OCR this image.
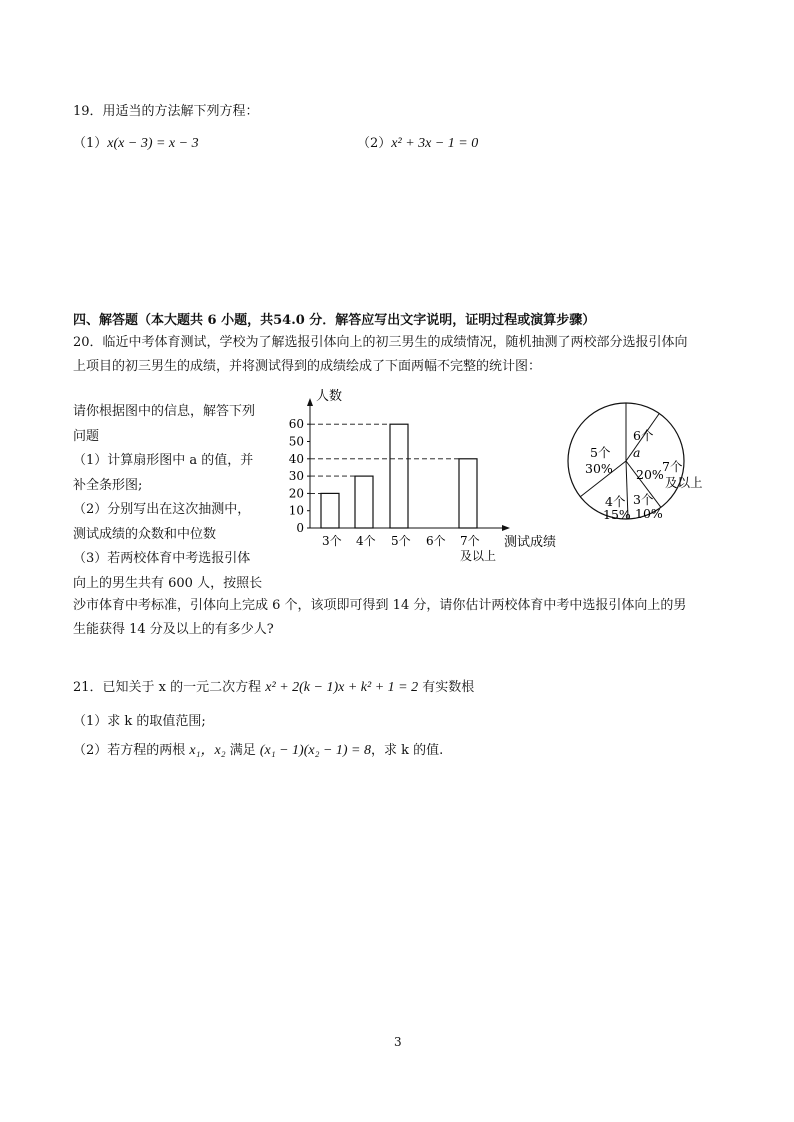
19．用适当的方法解下列方程：
（1）x(x − 3) = x − 3	（2）x² + 3x − 1 = 0
四、解答题（本大题共 6 小题，共54.0 分．解答应写出文字说明，证明过程或演算步骤）
20．临近中考体育测试，学校为了解选报引体向上的初三男生的成绩情况，随机抽测了两校部分选报引体向
上项目的初三男生的成绩，并将测试得到的成绩绘成了下面两幅不完整的统计图：
请你根据图中的信息，解答下列
问题
（1）计算扇形图中 a 的值，并
补全条形图;
（2）分别写出在这次抽测中，
测试成绩的众数和中位数
（3）若两校体育中考选报引体
向上的男生共有 600 人，按照长
0
10
20
30
40
50
60
人数
3个 4个 5个 6个 7个
及以上
测试成绩
6个
a
20%
7个
及以上
3个
10%
4个
15%
5个
30%
沙市体育中考标准，引体向上完成 6 个，该项即可得到 14 分，请你估计两校体育中考中选报引体向上的男
生能获得 14 分及以上的有多少人?
21．已知关于 x 的一元二次方程 x² + 2(k − 1)x + k² + 1 = 2 有实数根
（1）求 k 的取值范围;
（2）若方程的两根 x₁，x₂ 满足 (x₁ − 1)(x₂ − 1) = 8，求 k 的值.
3
